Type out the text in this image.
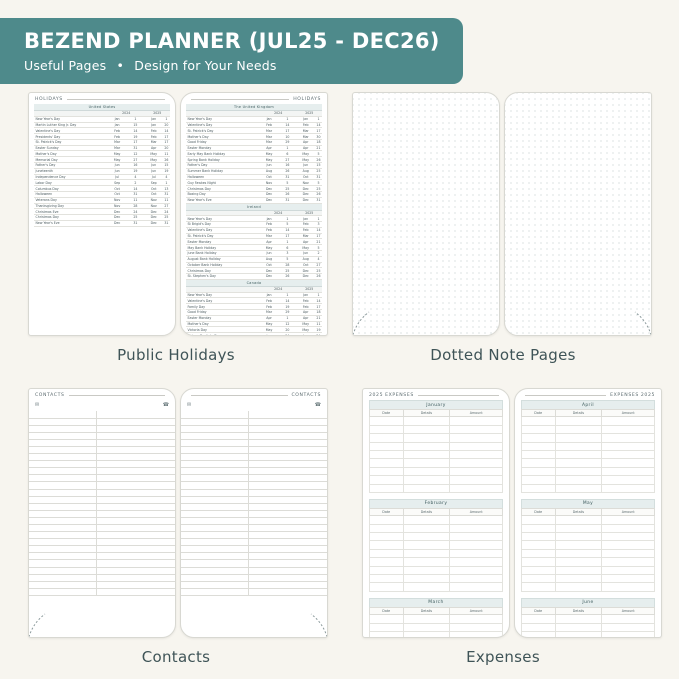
BEZEND PLANNER (JUL25 - DEC26)
Useful Pages • Design for Your Needs
HOLIDAYS
United States				
	2024		2025	
New Year's Day	Jan	1	Jan	1
Martin Luther King Jr. Day	Jan	15	Jan	20
Valentine's Day	Feb	14	Feb	14
Presidents' Day	Feb	19	Feb	17
St. Patrick's Day	Mar	17	Mar	17
Easter Sunday	Mar	31	Apr	20
Mother's Day	May	12	May	11
Memorial Day	May	27	May	26
Father's Day	Jun	16	Jun	15
Juneteenth	Jun	19	Jun	19
Independence Day	Jul	4	Jul	4
Labor Day	Sep	2	Sep	1
Columbus Day	Oct	14	Oct	13
Halloween	Oct	31	Oct	31
Veterans Day	Nov	11	Nov	11
Thanksgiving Day	Nov	28	Nov	27
Christmas Eve	Dec	24	Dec	24
Christmas Day	Dec	25	Dec	25
New Year's Eve	Dec	31	Dec	31
HOLIDAYS
The United Kingdom				
	2024		2025	
New Year's Day	Jan	1	Jan	1
Valentine's Day	Feb	14	Feb	14
St. Patrick's Day	Mar	17	Mar	17
Mother's Day	Mar	10	Mar	30
Good Friday	Mar	29	Apr	18
Easter Monday	Apr	1	Apr	21
Early May Bank Holiday	May	6	May	5
Spring Bank Holiday	May	27	May	26
Father's Day	Jun	16	Jun	15
Summer Bank Holiday	Aug	26	Aug	25
Halloween	Oct	31	Oct	31
Guy Fawkes Night	Nov	5	Nov	5
Christmas Day	Dec	25	Dec	25
Boxing Day	Dec	26	Dec	26
New Year's Eve	Dec	31	Dec	31
Ireland				
	2024		2025	
New Year's Day	Jan	1	Jan	1
St Brigid's Day	Feb	5	Feb	3
Valentine's Day	Feb	14	Feb	14
St. Patrick's Day	Mar	17	Mar	17
Easter Monday	Apr	1	Apr	21
May Bank Holiday	May	6	May	5
June Bank Holiday	Jun	3	Jun	2
August Bank Holiday	Aug	5	Aug	4
October Bank Holiday	Oct	28	Oct	27
Christmas Day	Dec	25	Dec	25
St. Stephen's Day	Dec	26	Dec	26
Canada				
	2024		2025	
New Year's Day	Jan	1	Jan	1
Valentine's Day	Feb	14	Feb	14
Family Day	Feb	19	Feb	17
Good Friday	Mar	29	Apr	18
Easter Monday	Apr	1	Apr	21
Mother's Day	May	12	May	11
Victoria Day	May	20	May	19
St-Jean-Baptiste Day	Jun	24	Jun	24

Public Holidays	Dotted Note Pages
CONTACTS
✉	☎

CONTACTS
✉	☎

Contacts
2025 EXPENSES
January
Date	Details	Amount

February
Date	Details	Amount

March
Date	Details	Amount

EXPENSES 2025
April
Date	Details	Amount

May
Date	Details	Amount

June
Date	Details	Amount

Expenses
